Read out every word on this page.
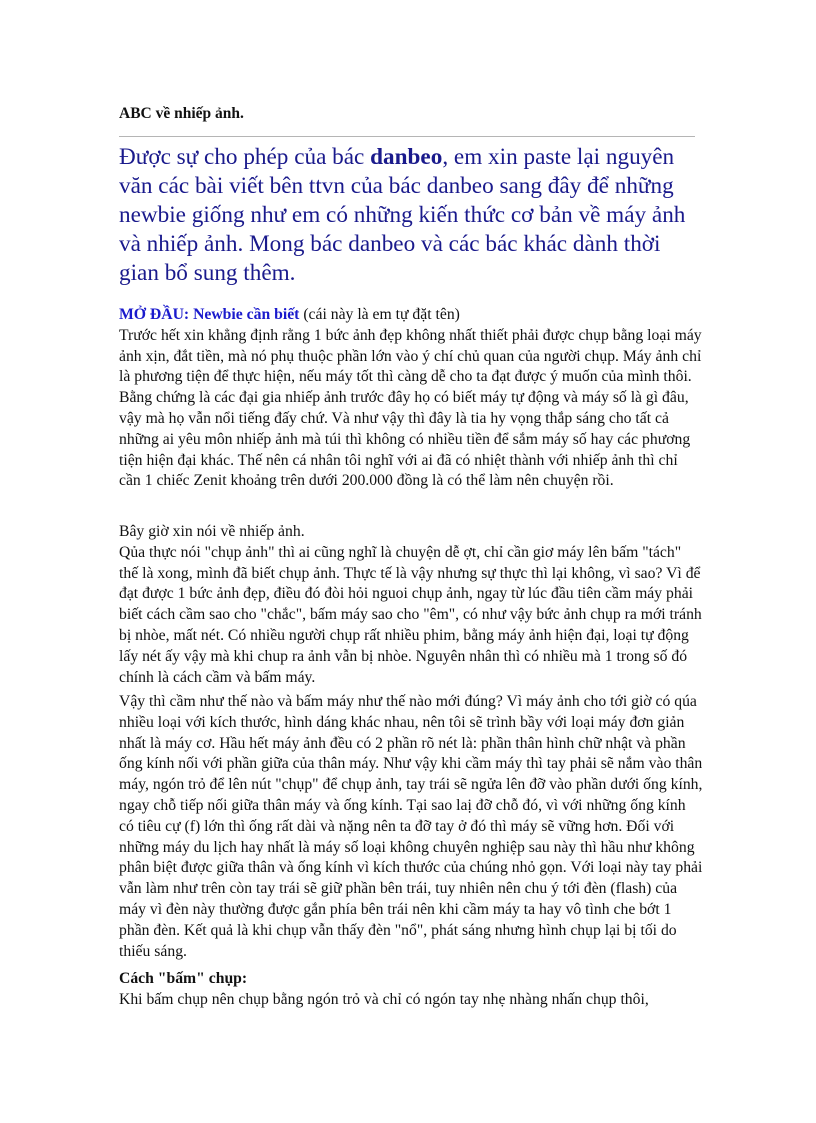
ABC về nhiếp ảnh.

Được sự cho phép của bác danbeo, em xin paste lại nguyên văn các bài viết bên ttvn của bác danbeo sang đây để những newbie giống như em có những kiến thức cơ bản về máy ảnh và nhiếp ảnh. Mong bác danbeo và các bác khác dành thời gian bổ sung thêm.

MỞ ĐẦU: Newbie cần biết (cái này là em tự đặt tên)

Trước hết xin khẳng định rằng 1 bức ảnh đẹp không nhất thiết phải được chụp bằng loại máy ảnh xịn, đắt tiền, mà nó phụ thuộc phần lớn vào ý chí chủ quan của người chụp. Máy ảnh chỉ là phương tiện để thực hiện, nếu máy tốt thì càng dễ cho ta đạt được ý muốn của mình thôi. Bằng chứng là các đại gia nhiếp ảnh trước đây họ có biết máy tự động và máy số là gì đâu, vậy mà họ vẫn nổi tiếng đấy chứ. Và như vậy thì đây là tia hy vọng thắp sáng cho tất cả những ai yêu môn nhiếp ảnh mà túi thì không có nhiều tiền để sắm máy số hay các phương tiện hiện đại khác. Thế nên cá nhân tôi nghĩ với ai đã có nhiệt thành với nhiếp ảnh thì chỉ cần 1 chiếc Zenit khoảng trên dưới 200.000 đồng là có thể làm nên chuyện rồi.

Bây giờ xin nói về nhiếp ảnh.

Qủa thực nói "chụp ảnh" thì ai cũng nghĩ là chuyện dễ ợt, chỉ cần giơ máy lên bấm "tách" thế là xong, mình đã biết chụp ảnh. Thực tế là vậy nhưng sự thực thì lại không, vì sao? Vì để đạt được 1 bức ảnh đẹp, điều đó đòi hỏi nguoi chụp ảnh, ngay từ lúc đầu tiên cầm máy phải biết cách cầm sao cho "chắc", bấm máy sao cho "êm", có như vậy bức ảnh chụp ra mới tránh bị nhòe, mất nét. Có nhiều người chụp rất nhiều phim, bằng máy ảnh hiện đại, loại tự động lấy nét ấy vậy mà khi chup ra ảnh vẫn bị nhòe. Nguyên nhân thì có nhiều mà 1 trong số đó chính là cách cầm và bấm máy.

Vậy thì cầm như thế nào và bấm máy như thế nào mới đúng? Vì máy ảnh cho tới giờ có qúa nhiều loại với kích thước, hình dáng khác nhau, nên tôi sẽ trình bầy với loại máy đơn giản nhất là máy cơ. Hầu hết máy ảnh đều có 2 phần rõ nét là: phần thân hình chữ nhật và phần ống kính nối với phần giữa của thân máy. Như vậy khi cầm máy thì tay phải sẽ nắm vào thân máy, ngón trỏ để lên nút "chụp" để chụp ảnh, tay trái sẽ ngửa lên đỡ vào phần dưới ống kính, ngay chỗ tiếp nối giữa thân máy và ống kính. Tại sao laị đỡ chỗ đó, vì với những ống kính có tiêu cự (f) lớn thì ống rất dài và nặng nên ta đỡ tay ở đó thì máy sẽ vững hơn. Đối với những máy du lịch hay nhất là máy số loại không chuyên nghiệp sau này thì hầu như không phân biệt được giữa thân và ống kính vì kích thước của chúng nhỏ gọn. Với loại này tay phải vẫn làm như trên còn tay trái sẽ giữ phần bên trái, tuy nhiên nên chu ý tới đèn (flash) của máy vì đèn này thường được gắn phía bên trái nên khi cầm máy ta hay vô tình che bớt 1 phần đèn. Kết quả là khi chụp vẫn thấy đèn "nổ", phát sáng nhưng hình chụp lại bị tối do thiếu sáng.

Cách "bấm" chụp:

Khi bấm chụp nên chụp bằng ngón trỏ và chỉ có ngón tay nhẹ nhàng nhấn chụp thôi,
